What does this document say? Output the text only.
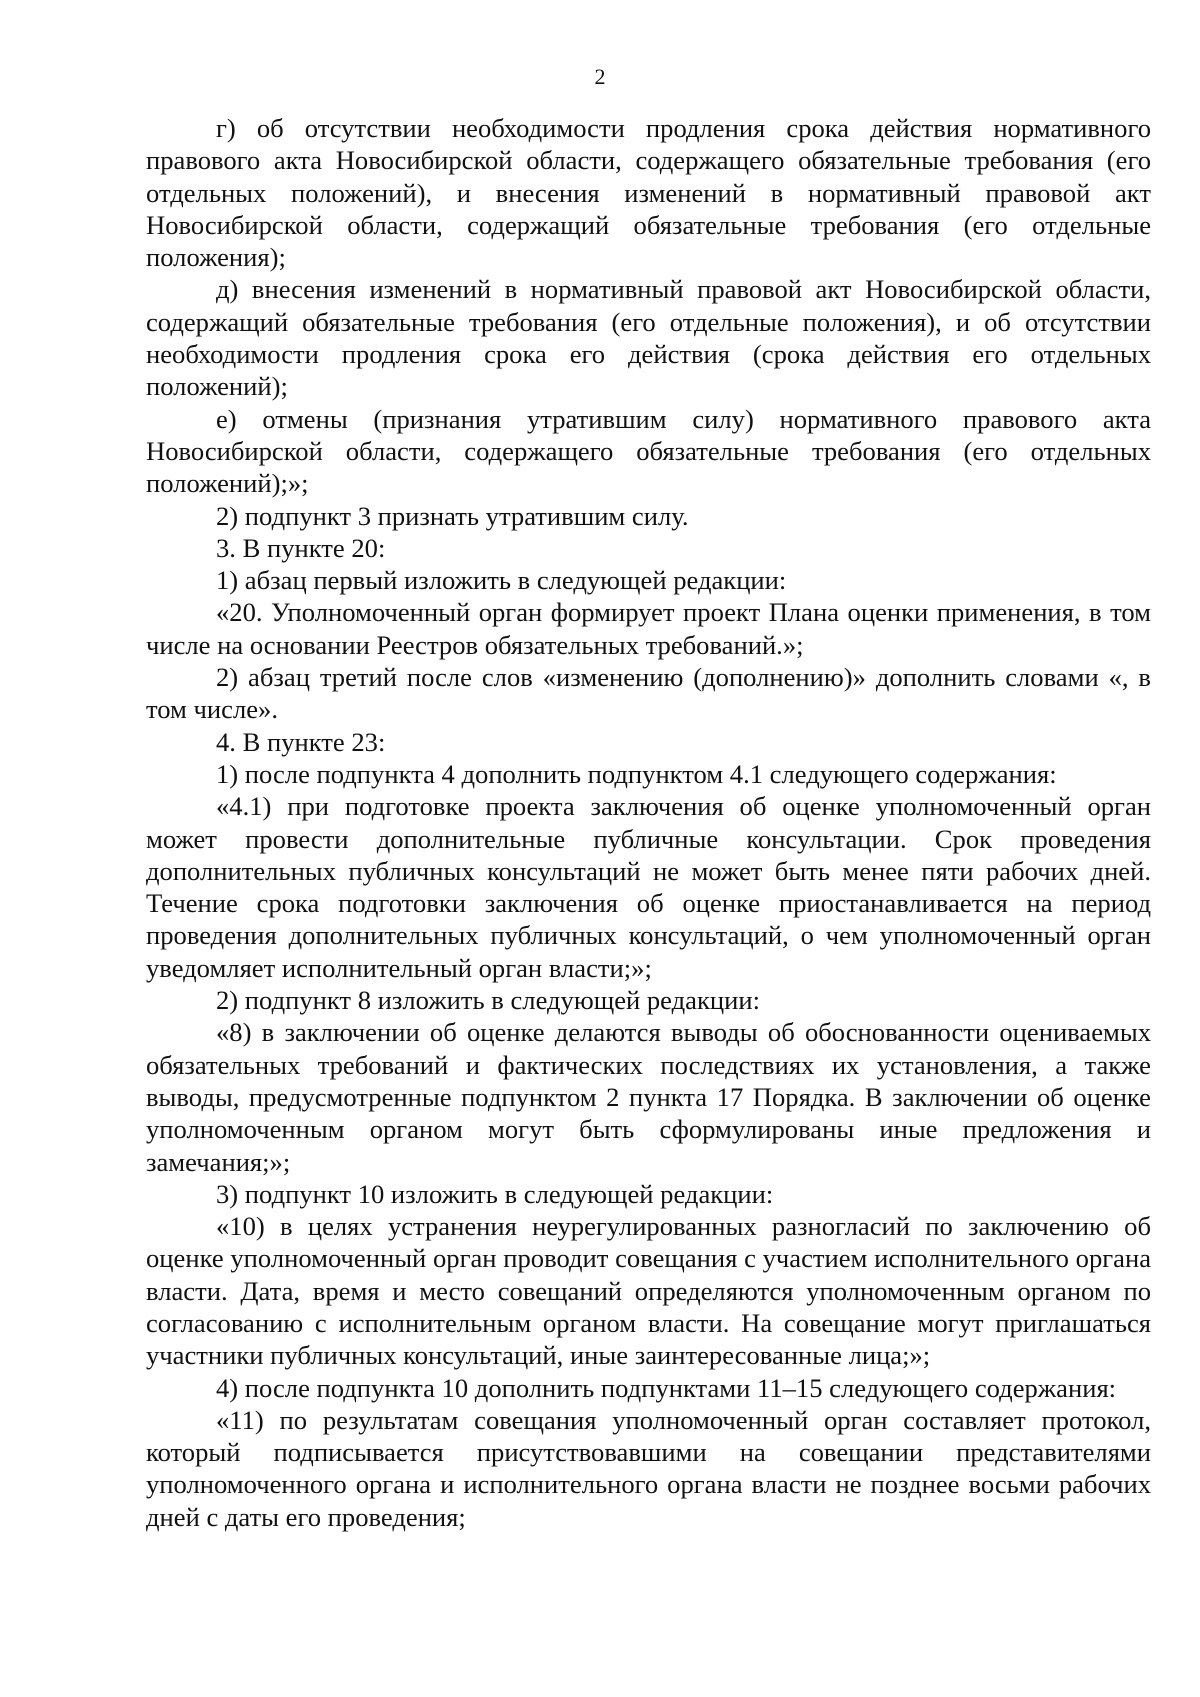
2

г) об отсутствии необходимости продления срока действия нормативного правового акта Новосибирской области, содержащего обязательные требования (его отдельных положений), и внесения изменений в нормативный правовой акт Новосибирской области, содержащий обязательные требования (его отдельные положения);

д) внесения изменений в нормативный правовой акт Новосибирской области, содержащий обязательные требования (его отдельные положения), и об отсутствии необходимости продления срока его действия (срока действия его отдельных положений);

е) отмены (признания утратившим силу) нормативного правового акта Новосибирской области, содержащего обязательные требования (его отдельных положений);»;

2) подпункт 3 признать утратившим силу.

3. В пункте 20:

1) абзац первый изложить в следующей редакции:

«20. Уполномоченный орган формирует проект Плана оценки применения, в том числе на основании Реестров обязательных требований.»;

2) абзац третий после слов «изменению (дополнению)» дополнить словами «, в том числе».

4. В пункте 23:

1) после подпункта 4 дополнить подпунктом 4.1 следующего содержания:

«4.1) при подготовке проекта заключения об оценке уполномоченный орган может провести дополнительные публичные консультации. Срок проведения дополнительных публичных консультаций не может быть менее пяти рабочих дней. Течение срока подготовки заключения об оценке приостанавливается на период проведения дополнительных публичных консультаций, о чем уполномоченный орган уведомляет исполнительный орган власти;»;

2) подпункт 8 изложить в следующей редакции:

«8) в заключении об оценке делаются выводы об обоснованности оцениваемых обязательных требований и фактических последствиях их установления, а также выводы, предусмотренные подпунктом 2 пункта 17 Порядка. В заключении об оценке уполномоченным органом могут быть сформулированы иные предложения и замечания;»;

3) подпункт 10 изложить в следующей редакции:

«10) в целях устранения неурегулированных разногласий по заключению об оценке уполномоченный орган проводит совещания с участием исполнительного органа власти. Дата, время и место совещаний определяются уполномоченным органом по согласованию с исполнительным органом власти. На совещание могут приглашаться участники публичных консультаций, иные заинтересованные лица;»;

4) после подпункта 10 дополнить подпунктами 11–15 следующего содержания:

«11) по результатам совещания уполномоченный орган составляет протокол, который подписывается присутствовавшими на совещании представителями уполномоченного органа и исполнительного органа власти не позднее восьми рабочих дней с даты его проведения;
